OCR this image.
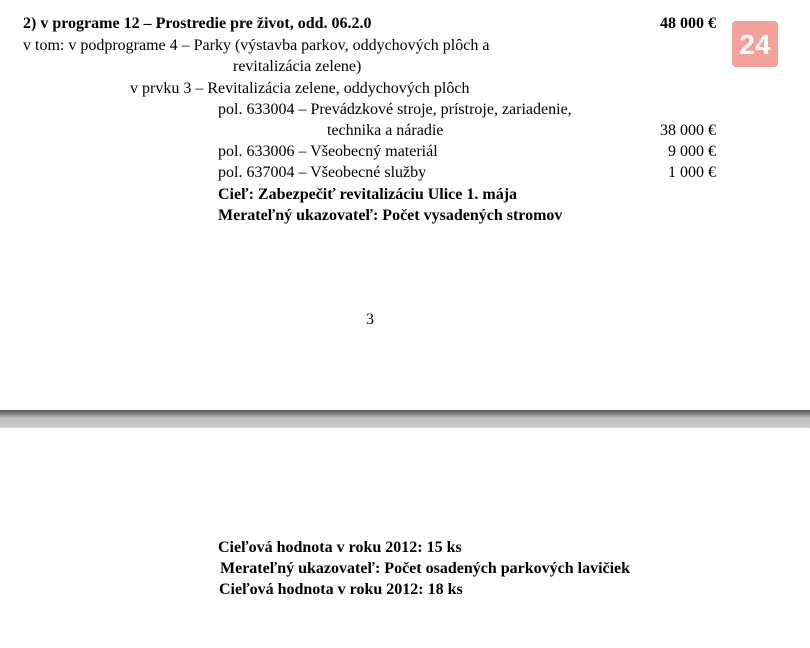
2) v programe 12 – Prostredie pre život, odd. 06.2.0	48 000 €
v tom: v podprograme 4 – Parky (výstavba parkov, oddychových plôch a
revitalizácia zelene)
v prvku 3 – Revitalizácia zelene, oddychových plôch
pol. 633004 – Prevádzkové stroje, prístroje, zariadenie,
technika a náradie	38 000 €
pol. 633006 – Všeobecný materiál	9 000 €
pol. 637004 – Všeobecné služby	1 000 €
Cieľ: Zabezpečiť revitalizáciu Ulice 1. mája
Merateľný ukazovateľ: Počet vysadených stromov
3
24
Cieľová hodnota v roku 2012: 15 ks
Merateľný ukazovateľ: Počet osadených parkových lavičiek
Cieľová hodnota v roku 2012: 18 ks
